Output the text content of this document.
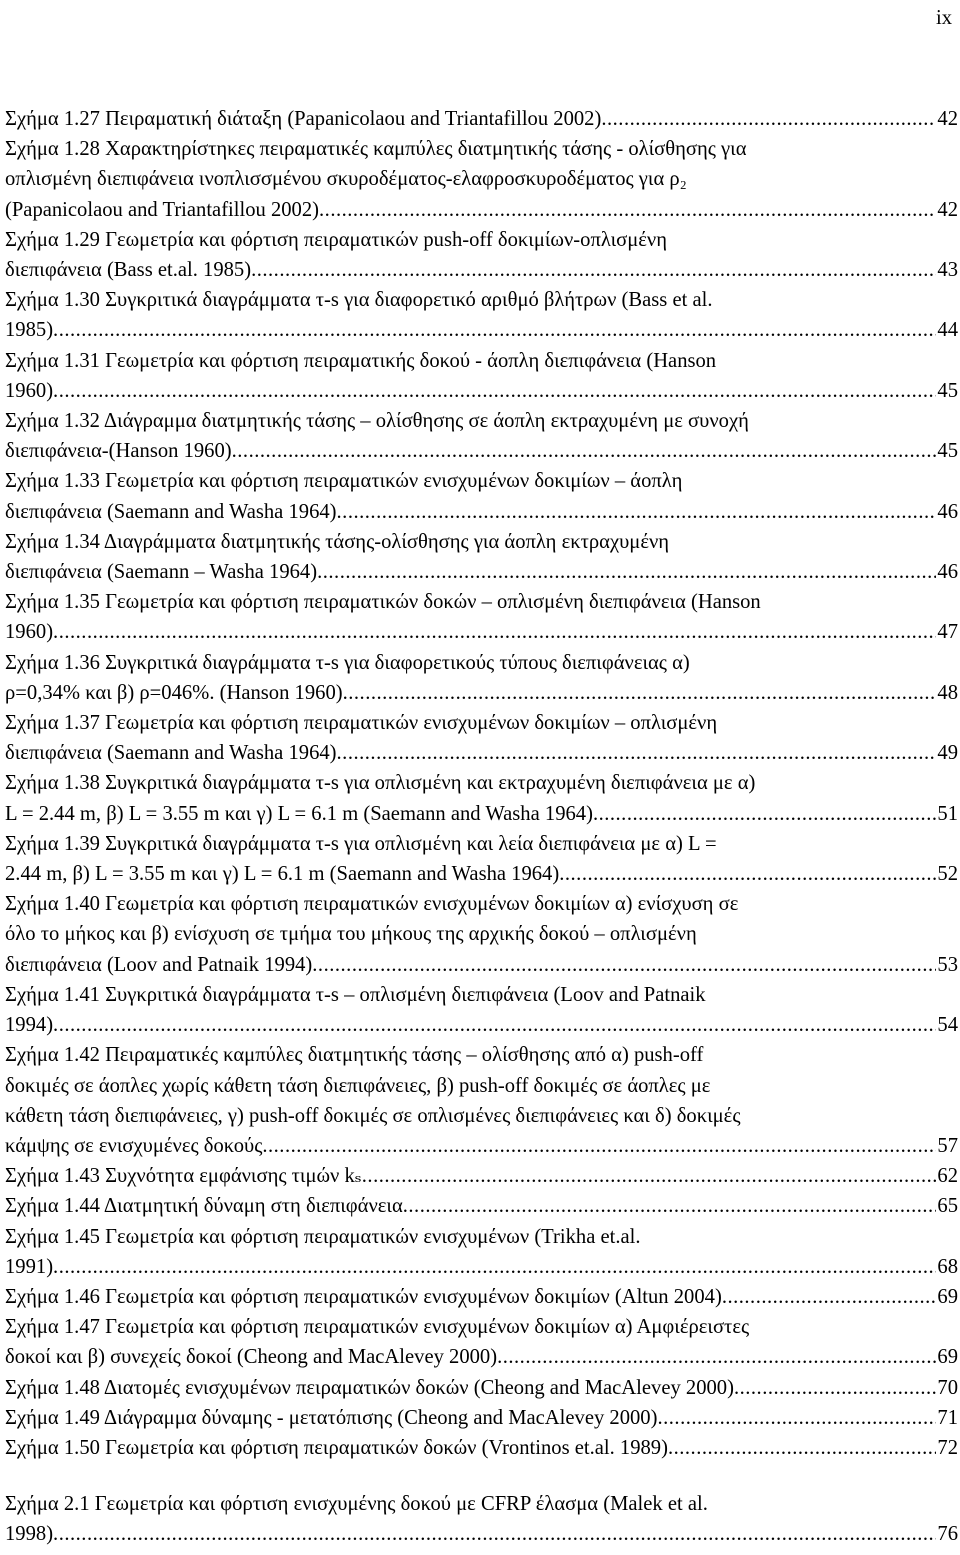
ix
Σχήμα 1.27 Πειραματική διάταξη (Papanicolaou and Triantafillou 2002) .....	42
Σχήμα 1.28 Χαρακτηρίστηκες πειραματικές καμπύλες διατμητικής τάσης - ολίσθησης για
οπλισμένη διεπιφάνεια ινοπλισσμένου σκυροδέματος-ελαφροσκυροδέματος για ρ₂
(Papanicolaou and Triantafillou 2002) .....	42
Σχήμα 1.29 Γεωμετρία και φόρτιση πειραματικών push-off δοκιμίων-οπλισμένη
διεπιφάνεια (Bass et.al. 1985) .....	43
Σχήμα 1.30 Συγκριτικά διαγράμματα τ-s για διαφορετικό αριθμό βλήτρων (Bass et al.
1985) .....	44
Σχήμα 1.31 Γεωμετρία και φόρτιση πειραματικής δοκού - άοπλη διεπιφάνεια (Hanson
1960) .....	45
Σχήμα 1.32 Διάγραμμα διατμητικής τάσης – ολίσθησης σε άοπλη εκτραχυμένη με συνοχή
διεπιφάνεια-(Hanson 1960) .....	45
Σχήμα 1.33 Γεωμετρία και φόρτιση πειραματικών ενισχυμένων δοκιμίων – άοπλη
διεπιφάνεια (Saemann and Washa 1964) .....	46
Σχήμα 1.34 Διαγράμματα διατμητικής τάσης-ολίσθησης για άοπλη εκτραχυμένη
διεπιφάνεια (Saemann – Washa 1964) .....	46
Σχήμα 1.35 Γεωμετρία και φόρτιση πειραματικών δοκών – οπλισμένη διεπιφάνεια (Hanson
1960) .....	47
Σχήμα 1.36 Συγκριτικά διαγράμματα τ-s για διαφορετικούς τύπους διεπιφάνειας α)
ρ=0,34% και β) ρ=046%. (Hanson 1960) .....	48
Σχήμα 1.37 Γεωμετρία και φόρτιση πειραματικών ενισχυμένων δοκιμίων – οπλισμένη
διεπιφάνεια (Saemann and Washa 1964) .....	49
Σχήμα 1.38 Συγκριτικά διαγράμματα τ-s για οπλισμένη και εκτραχυμένη διεπιφάνεια με α)
L = 2.44 m, β) L = 3.55 m και γ) L = 6.1 m (Saemann and Washa 1964) .....	51
Σχήμα 1.39 Συγκριτικά διαγράμματα τ-s για οπλισμένη και λεία διεπιφάνεια με α) L =
2.44 m, β) L = 3.55 m και γ) L = 6.1 m (Saemann and Washa 1964) .....	52
Σχήμα 1.40 Γεωμετρία και φόρτιση πειραματικών ενισχυμένων δοκιμίων α) ενίσχυση σε
όλο το μήκος και β) ενίσχυση σε τμήμα του μήκους της αρχικής δοκού – οπλισμένη
διεπιφάνεια (Loov and Patnaik 1994) .....	53
Σχήμα 1.41 Συγκριτικά διαγράμματα τ-s – οπλισμένη διεπιφάνεια (Loov and Patnaik
1994) .....	54
Σχήμα 1.42 Πειραματικές καμπύλες διατμητικής τάσης – ολίσθησης από α) push-off
δοκιμές σε άοπλες χωρίς κάθετη τάση διεπιφάνειες, β) push-off δοκιμές σε άοπλες με
κάθετη τάση διεπιφάνειες, γ) push-off δοκιμές σε οπλισμένες διεπιφάνειες και δ) δοκιμές
κάμψης σε ενισχυμένες δοκούς .....	57
Σχήμα 1.43 Συχνότητα εμφάνισης τιμών kₛ .....	62
Σχήμα 1.44 Διατμητική δύναμη στη διεπιφάνεια .....	65
Σχήμα 1.45 Γεωμετρία και φόρτιση πειραματικών ενισχυμένων (Trikha et.al.
1991) .....	68
Σχήμα 1.46 Γεωμετρία και φόρτιση πειραματικών ενισχυμένων δοκιμίων (Altun 2004) .....	69
Σχήμα 1.47 Γεωμετρία και φόρτιση πειραματικών ενισχυμένων δοκιμίων α) Αμφιέρειστες
δοκοί και β) συνεχείς δοκοί (Cheong and MacAlevey 2000) .....	69
Σχήμα 1.48 Διατομές ενισχυμένων πειραματικών δοκών (Cheong and MacAlevey 2000) .....	70
Σχήμα 1.49 Διάγραμμα δύναμης - μετατόπισης (Cheong and MacAlevey 2000) .....	71
Σχήμα 1.50 Γεωμετρία και φόρτιση πειραματικών δοκών (Vrontinos et.al. 1989) .....	72
Σχήμα 2.1 Γεωμετρία και φόρτιση ενισχυμένης δοκού με CFRP έλασμα (Malek et al.
1998) .....	76
